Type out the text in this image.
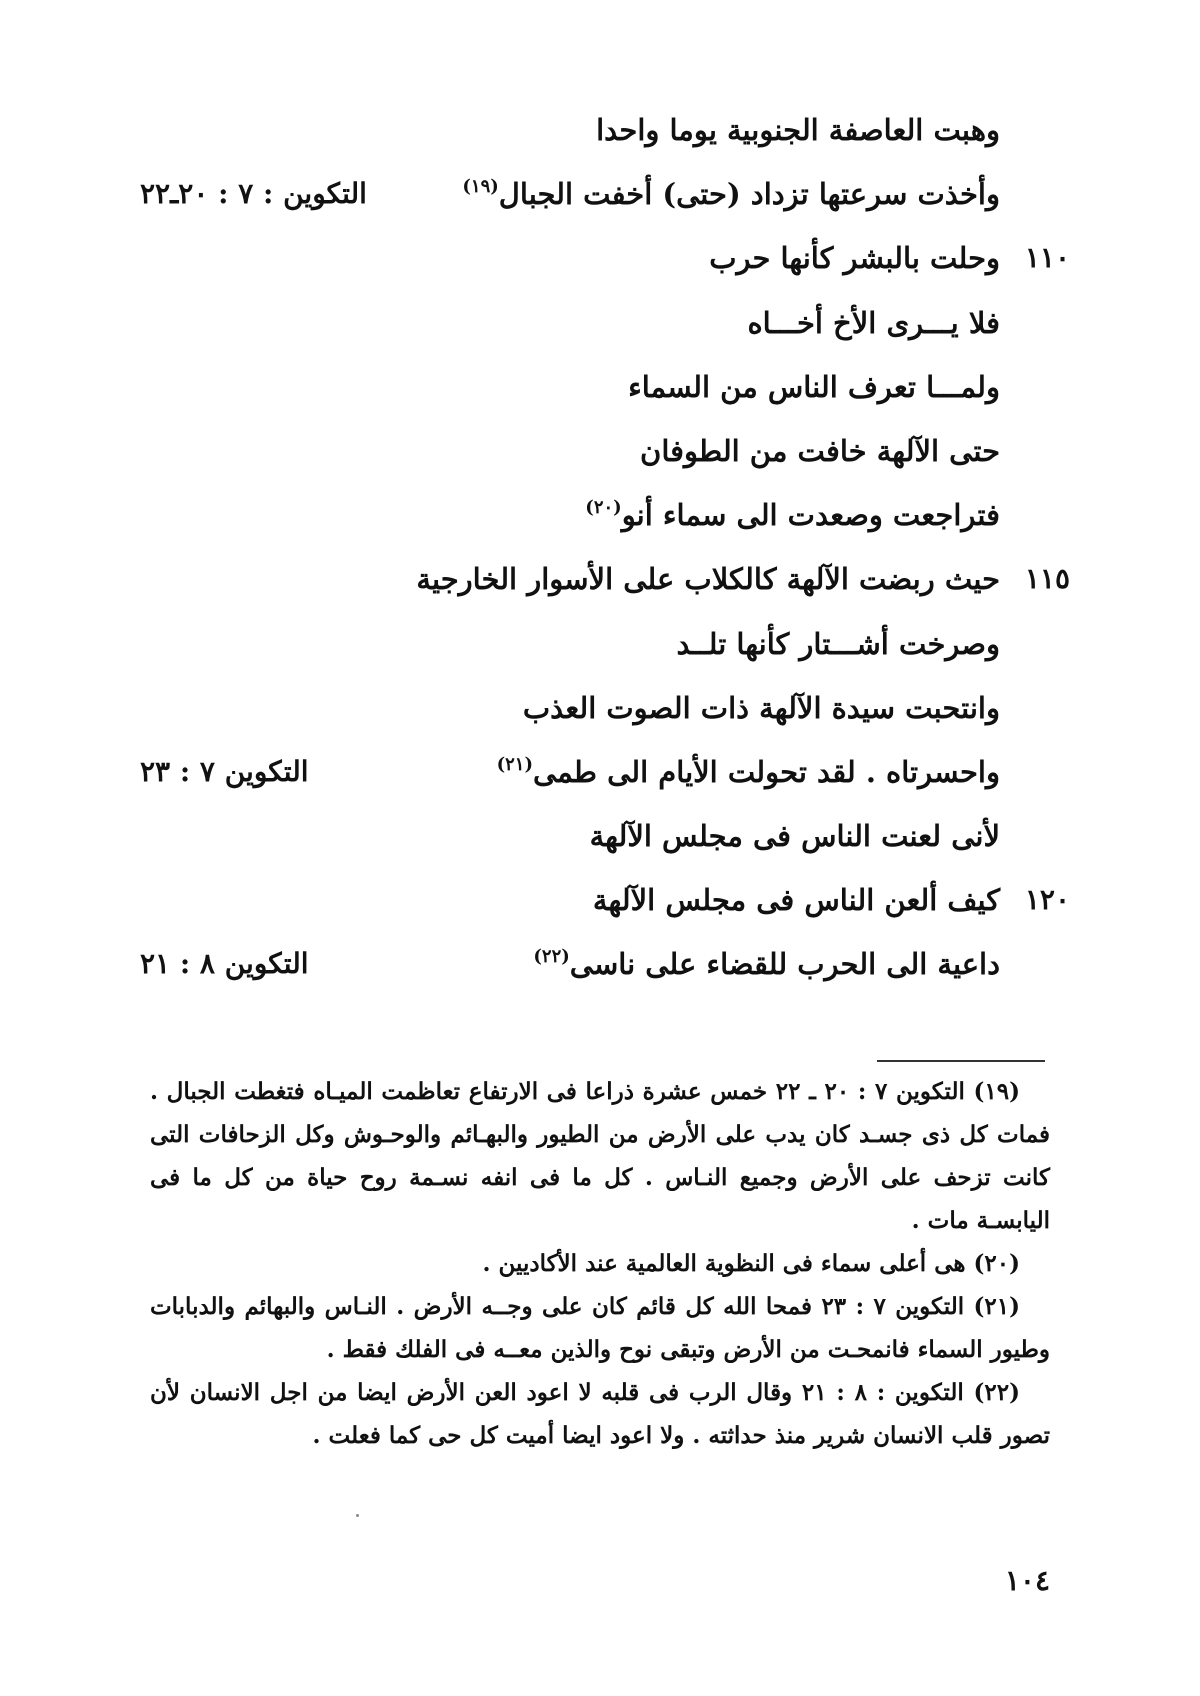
وهبت العاصفة الجنوبية يوما واحدا
وأخذت سرعتها تزداد (حتى) أخفت الجبال$^{(١٩)}$
التكوين : ٧ : ٢٠ـ٢٢
١١٠
وحلت بالبشر كأنها حرب
فلا يـــرى الأخ أخـــاه
ولمـــا تعرف الناس من السماء
حتى الآلهة خافت من الطوفان
فتراجعت وصعدت الى سماء أنو$^{(٢٠)}$
١١٥
حيث ربضت الآلهة كالكلاب على الأسوار الخارجية
وصرخت أشـــتار كأنها تلــد
وانتحبت سيدة الآلهة ذات الصوت العذب
واحسرتاه . لقد تحولت الأيام الى طمى$^{(٢١)}$
التكوين ٧ : ٢٣
لأنى لعنت الناس فى مجلس الآلهة
١٢٠
كيف ألعن الناس فى مجلس الآلهة
داعية الى الحرب للقضاء على ناسى$^{(٢٢)}$
التكوين ٨ : ٢١

(١٩) التكوين ٧ : ٢٠ ـ ٢٢ خمس عشرة ذراعا فى الارتفاع تعاظمت الميـاه فتغطت الجبال . فمات كل ذى جسـد كان يدب على الأرض من الطيور والبهـائم والوحـوش وكل الزحافات التى كانت تزحف على الأرض وجميع النـاس . كل ما فى انفه نسـمة روح حياة من كل ما فى اليابسـة مات .

(٢٠) هى أعلى سماء فى النظوية العالمية عند الأكاديين .

(٢١) التكوين ٧ : ٢٣ فمحا الله كل قائم كان على وجــه الأرض . النـاس والبهائم والدبابات وطيور السماء فانمحـت من الأرض وتبقى نوح والذين معــه فى الفلك فقط .

(٢٢) التكوين : ٨ : ٢١ وقال الرب فى قلبه لا اعود العن الأرض ايضا من اجل الانسان لأن تصور قلب الانسان شرير منذ حداثته . ولا اعود ايضا أميت كل حى كما فعلت .

١٠٤
